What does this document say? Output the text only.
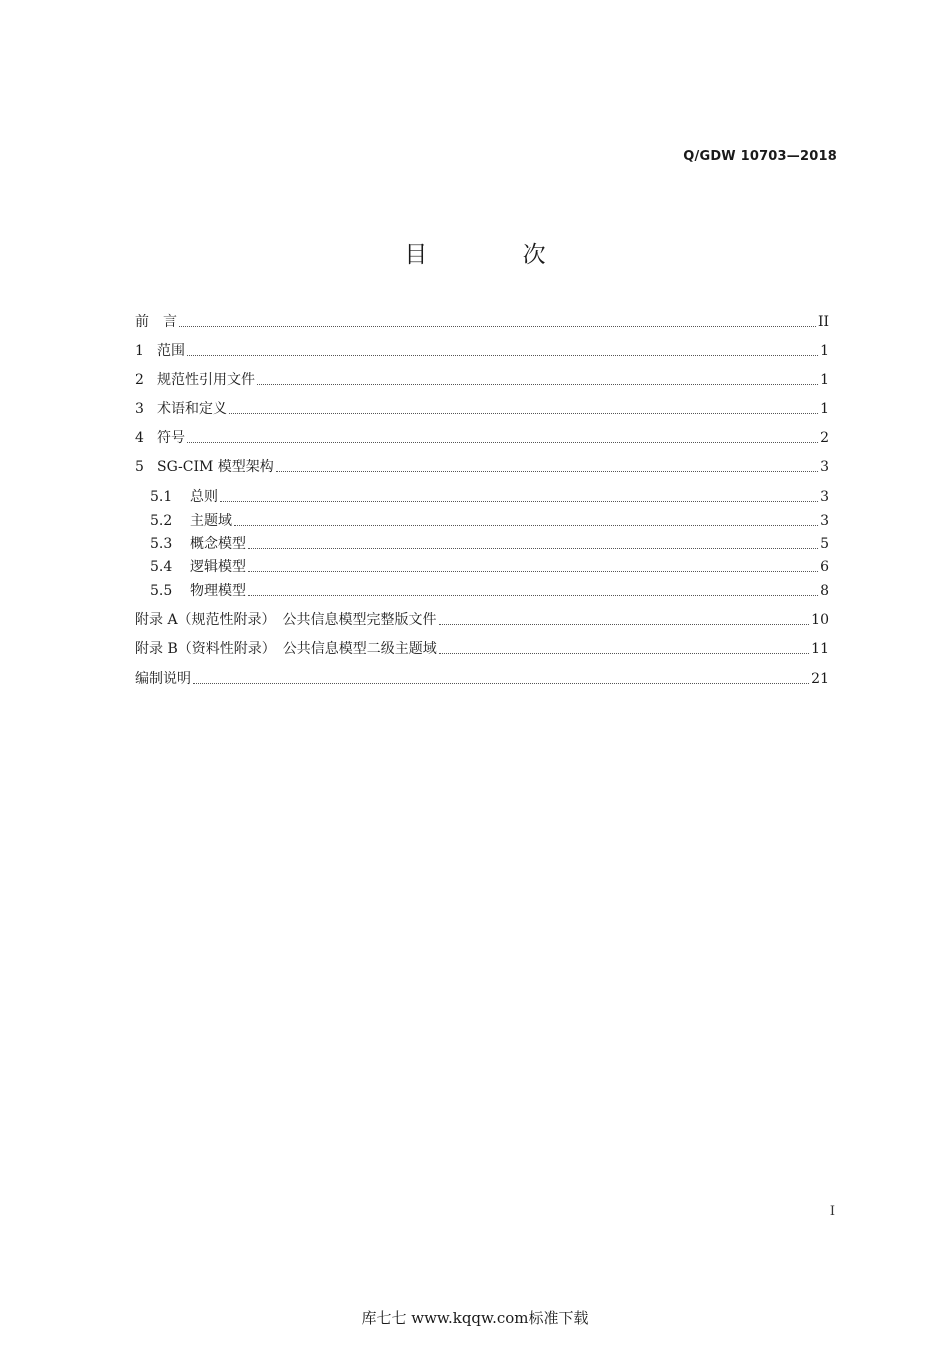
Q/GDW 10703—2018
目 次
前　言	II
1 范围	1
2 规范性引用文件	1
3 术语和定义	1
4 符号	2
5 SG-CIM 模型架构	3
5.1	总则	3
5.2	主题域	3
5.3	概念模型	5
5.4	逻辑模型	6
5.5	物理模型	8
附录 A（规范性附录）　公共信息模型完整版文件	10
附录 B（资料性附录）　公共信息模型二级主题域	11
编制说明	21
I
库七七 www.kqqw.com标准下载
